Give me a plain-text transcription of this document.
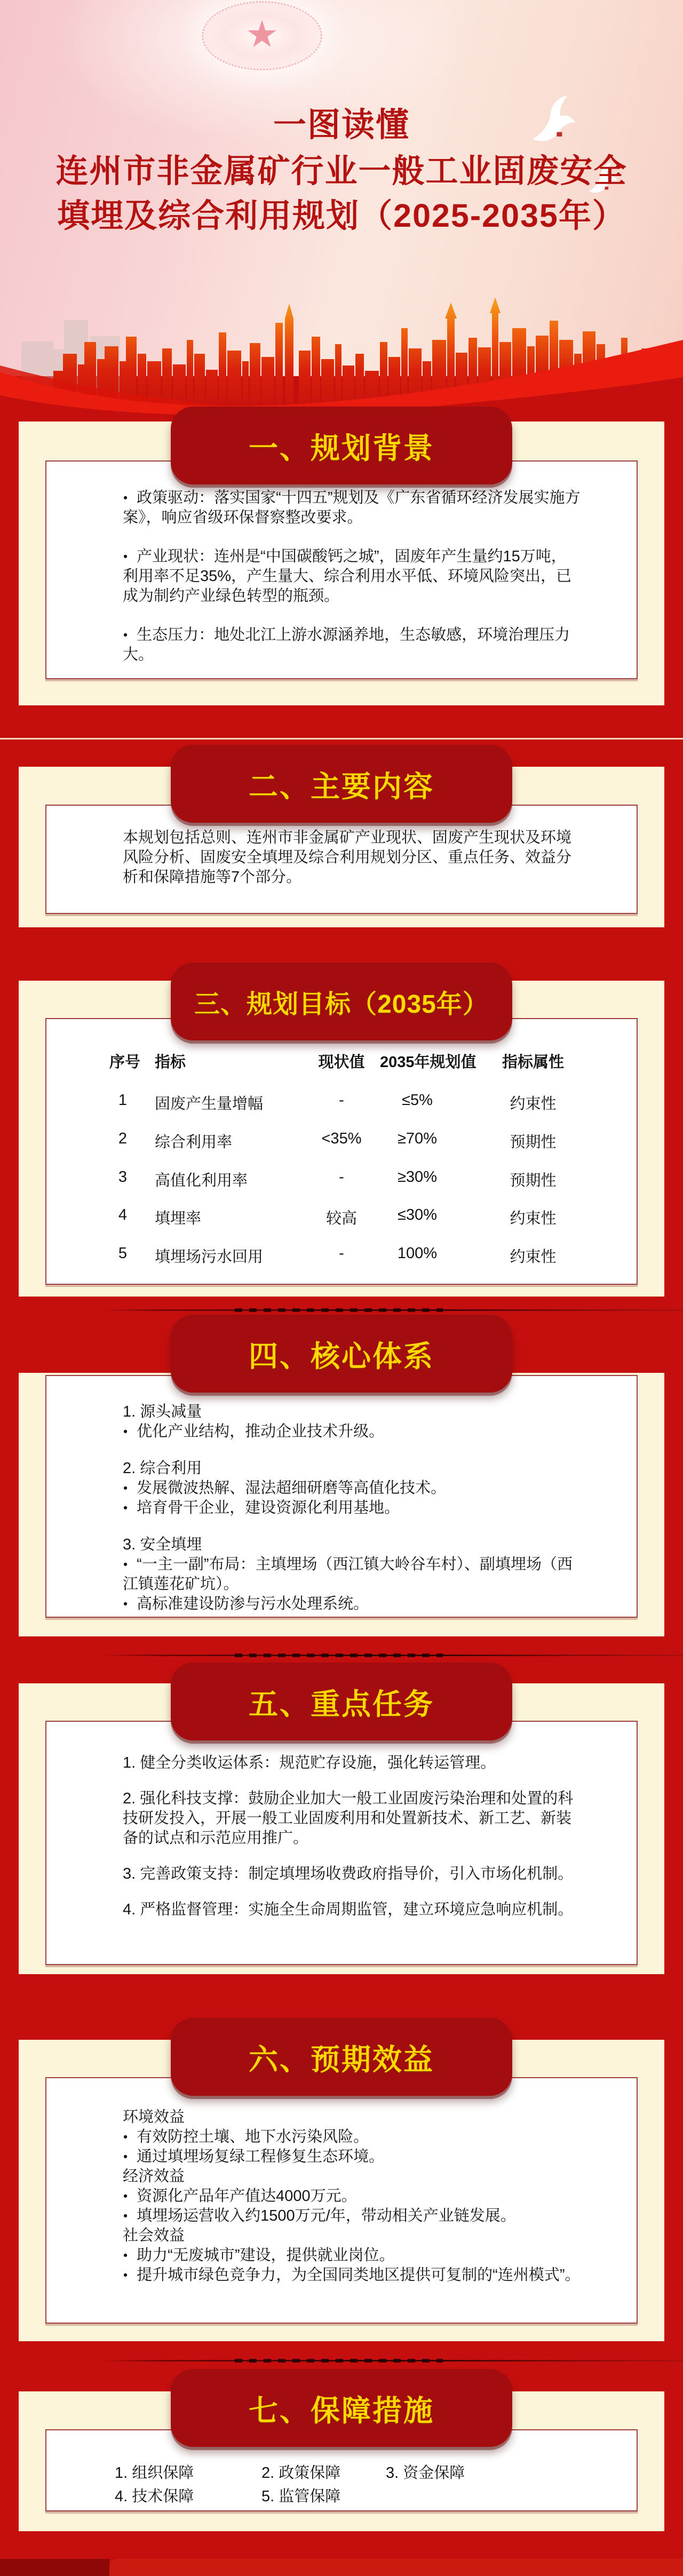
★
一图读懂
连州市非金属矿行业一般工业固废安全
填埋及综合利用规划（2025-2035年）
一、规划背景

• 政策驱动：落实国家“十四五”规划及《广东省循环经济发展实施方案》，响应省级环保督察整改要求。

• 产业现状：连州是“中国碳酸钙之城”，固废年产生量约15万吨，利用率不足35%，产生量大、综合利用水平低、环境风险突出，已成为制约产业绿色转型的瓶颈。

• 生态压力：地处北江上游水源涵养地，生态敏感，环境治理压力大。

二、主要内容

本规划包括总则、连州市非金属矿产业现状、固废产生现状及环境风险分析、固废安全填埋及综合利用规划分区、重点任务、效益分析和保障措施等7个部分。

三、规划目标（2035年）
序号 指标	现状值 2035年规划值	指标属性
1	固废产生量增幅	-	≤5%	约束性
2	综合利用率	<35%	≥70%	预期性
3	高值化利用率	-	≥30%	预期性
4	填埋率	较高	≤30%	约束性
5	填埋场污水回用	-	100%	约束性
四、核心体系

1. 源头减量

• 优化产业结构，推动企业技术升级。

2. 综合利用

• 发展微波热解、湿法超细研磨等高值化技术。

• 培育骨干企业，建设资源化利用基地。

3. 安全填埋

• “一主一副”布局：主填埋场（西江镇大岭谷车村）、副填埋场（西江镇莲花矿坑）。

• 高标准建设防渗与污水处理系统。

五、重点任务

1. 健全分类收运体系：规范贮存设施，强化转运管理。

2. 强化科技支撑：鼓励企业加大一般工业固废污染治理和处置的科技研发投入，开展一般工业固废利用和处置新技术、新工艺、新装备的试点和示范应用推广。

3. 完善政策支持：制定填埋场收费政府指导价，引入市场化机制。

4. 严格监督管理：实施全生命周期监管，建立环境应急响应机制。

六、预期效益

环境效益

• 有效防控土壤、地下水污染风险。

• 通过填埋场复绿工程修复生态环境。

经济效益

• 资源化产品年产值达4000万元。

• 填埋场运营收入约1500万元/年，带动相关产业链发展。

社会效益

• 助力“无废城市”建设，提供就业岗位。

• 提升城市绿色竞争力，为全国同类地区提供可复制的“连州模式”。

七、保障措施
1. 组织保障	2. 政策保障	3. 资金保障
4. 技术保障	5. 监管保障
